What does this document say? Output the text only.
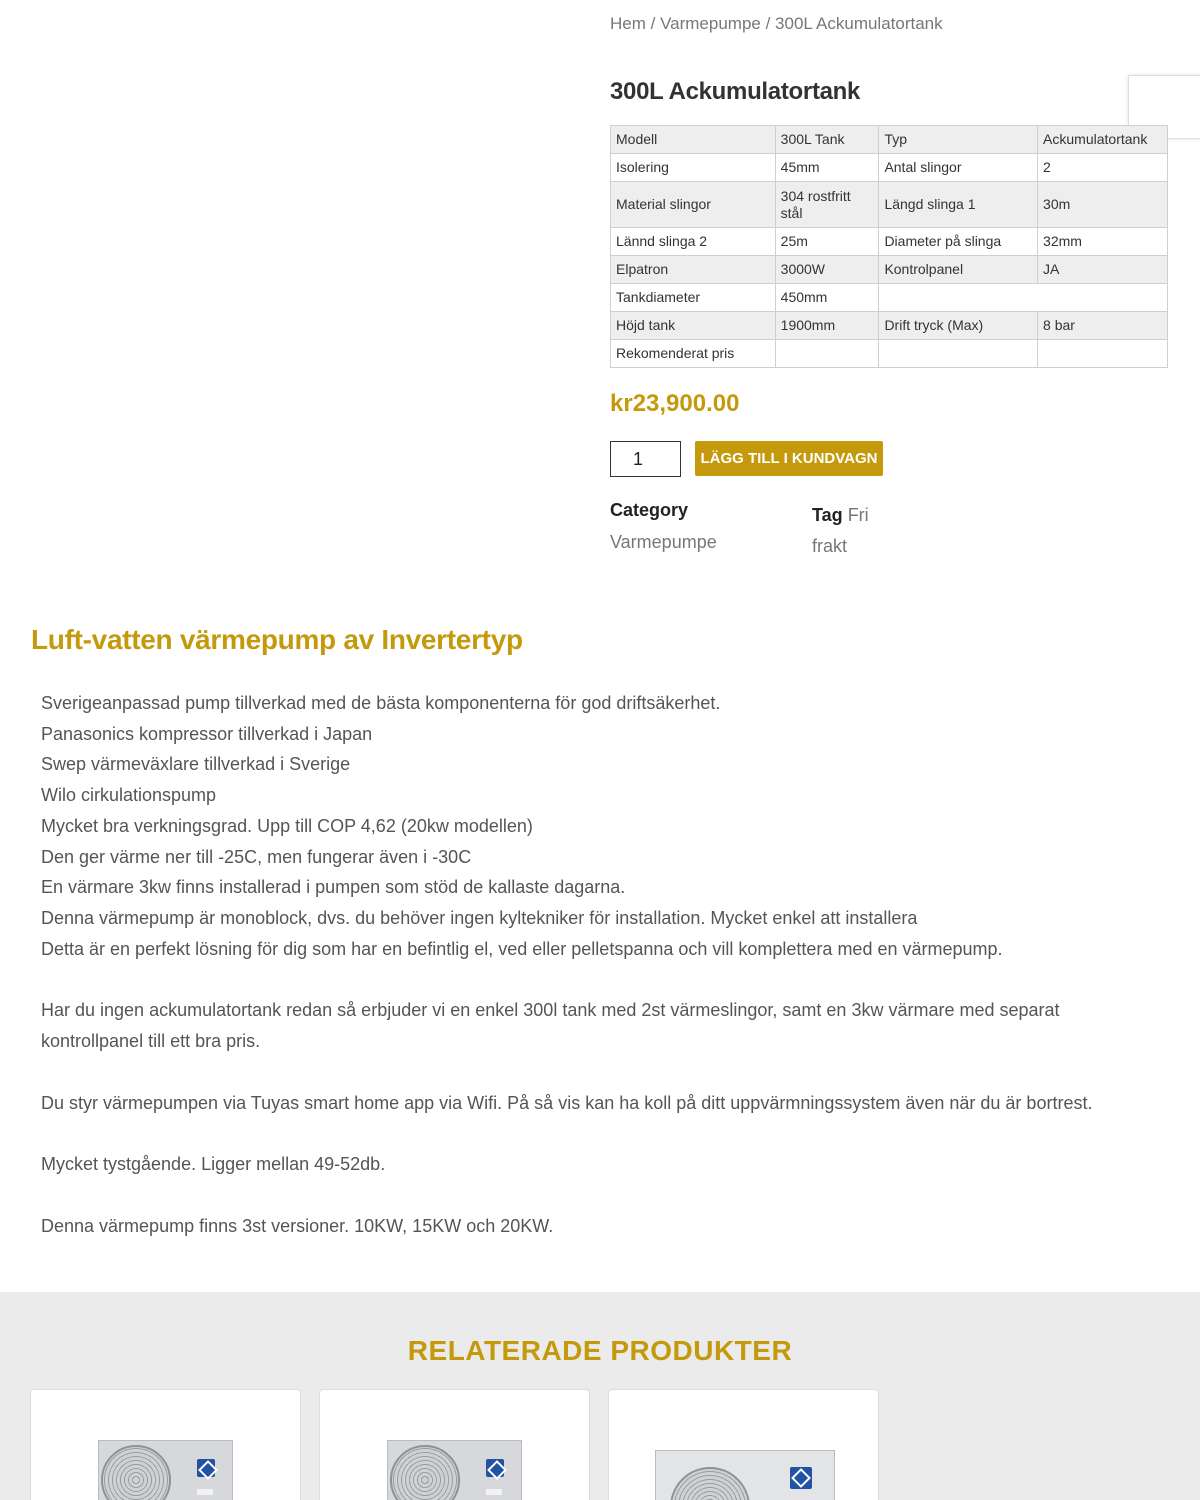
Hem / Varmepumpe / 300L Ackumulatortank
300L Ackumulatortank
Modell	300L Tank	Typ	Ackumulatortank
Isolering	45mm	Antal slingor	2
Material slingor	304 rostfritt stål	Längd slinga 1	30m
Lännd slinga 2	25m	Diameter på slinga	32mm
Elpatron	3000W	Kontrolpanel	JA
Tankdiameter	450mm		
Höjd tank	1900mm	Drift tryck (Max)	8 bar
Rekomenderat pris			
kr23,900.00
1
LÄGG TILL I KUNDVAGN
Category
Varmepumpe
Tag Fri frakt
Luft-vatten värmepump av Invertertyp

Sverigeanpassad pump tillverkad med de bästa komponenterna för god driftsäkerhet.

Panasonics kompressor tillverkad i Japan

Swep värmeväxlare tillverkad i Sverige

Wilo cirkulationspump

Mycket bra verkningsgrad. Upp till COP 4,62 (20kw modellen)

Den ger värme ner till -25C, men fungerar även i -30C

En värmare 3kw finns installerad i pumpen som stöd de kallaste dagarna.

Denna värmepump är monoblock, dvs. du behöver ingen kyltekniker för installation. Mycket enkel att installera

Detta är en perfekt lösning för dig som har en befintlig el, ved eller pelletspanna och vill komplettera med en värmepump.

Har du ingen ackumulatortank redan så erbjuder vi en enkel 300l tank med 2st värmeslingor, samt en 3kw värmare med separat kontrollpanel till ett bra pris.

Du styr värmepumpen via Tuyas smart home app via Wifi. På så vis kan ha koll på ditt uppvärmningssystem även när du är bortrest.

Mycket tystgående. Ligger mellan 49-52db.

Denna värmepump finns 3st versioner. 10KW, 15KW och 20KW.

RELATERADE PRODUKTER
